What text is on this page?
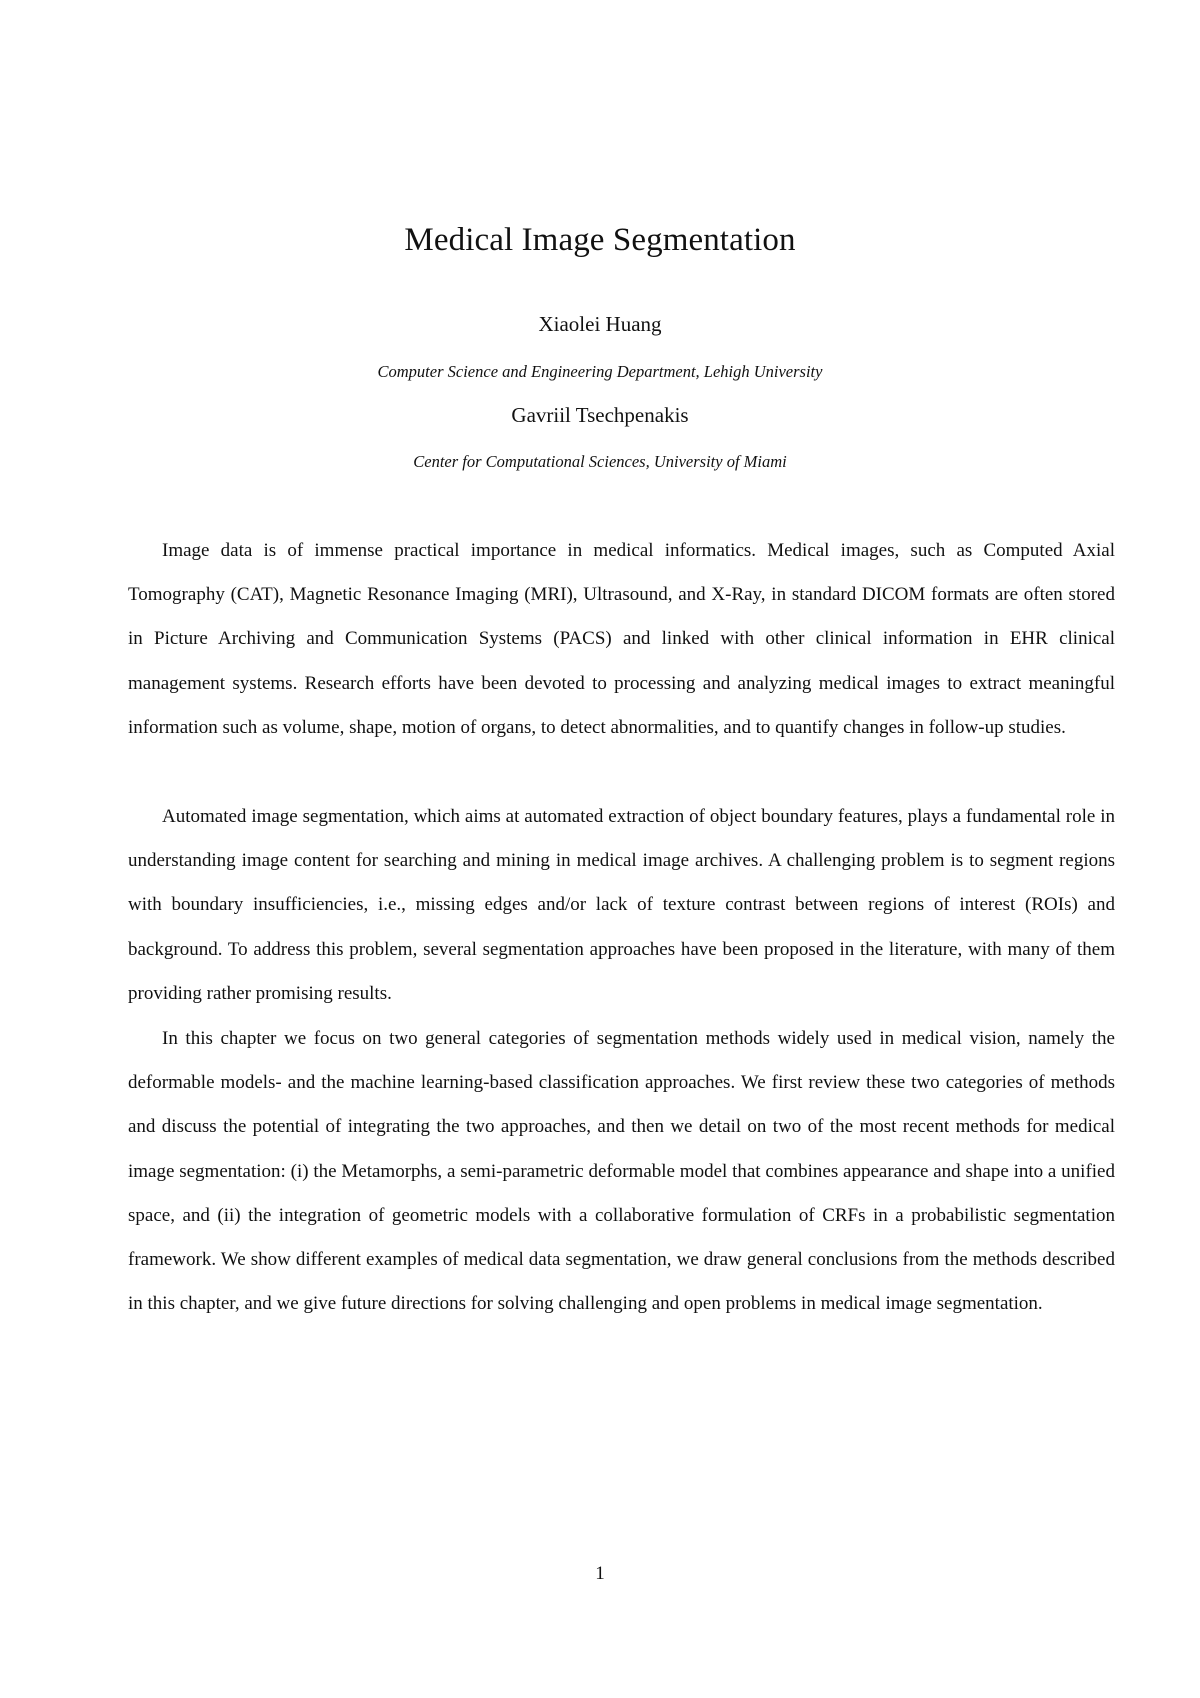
Medical Image Segmentation
Xiaolei Huang
Computer Science and Engineering Department, Lehigh University
Gavriil Tsechpenakis
Center for Computational Sciences, University of Miami

Image data is of immense practical importance in medical informatics. Medical images, such as Computed Axial Tomography (CAT), Magnetic Resonance Imaging (MRI), Ultrasound, and X-Ray, in standard DICOM formats are often stored in Picture Archiving and Communication Systems (PACS) and linked with other clinical information in EHR clinical management systems. Research efforts have been devoted to processing and analyzing medical images to extract meaningful information such as volume, shape, motion of organs, to detect abnormalities, and to quantify changes in follow-up studies.

Automated image segmentation, which aims at automated extraction of object boundary features, plays a fundamental role in understanding image content for searching and mining in medical image archives. A challenging problem is to segment regions with boundary insufficiencies, i.e., missing edges and/or lack of texture contrast between regions of interest (ROIs) and background. To address this problem, several segmentation approaches have been proposed in the literature, with many of them providing rather promising results.

In this chapter we focus on two general categories of segmentation methods widely used in medical vision, namely the deformable models- and the machine learning-based classification approaches. We first review these two categories of methods and discuss the potential of integrating the two approaches, and then we detail on two of the most recent methods for medical image segmentation: (i) the Metamorphs, a semi-parametric deformable model that combines appearance and shape into a unified space, and (ii) the integration of geometric models with a collaborative formulation of CRFs in a probabilistic segmentation framework. We show different examples of medical data segmentation, we draw general conclusions from the methods described in this chapter, and we give future directions for solving challenging and open problems in medical image segmentation.

1
